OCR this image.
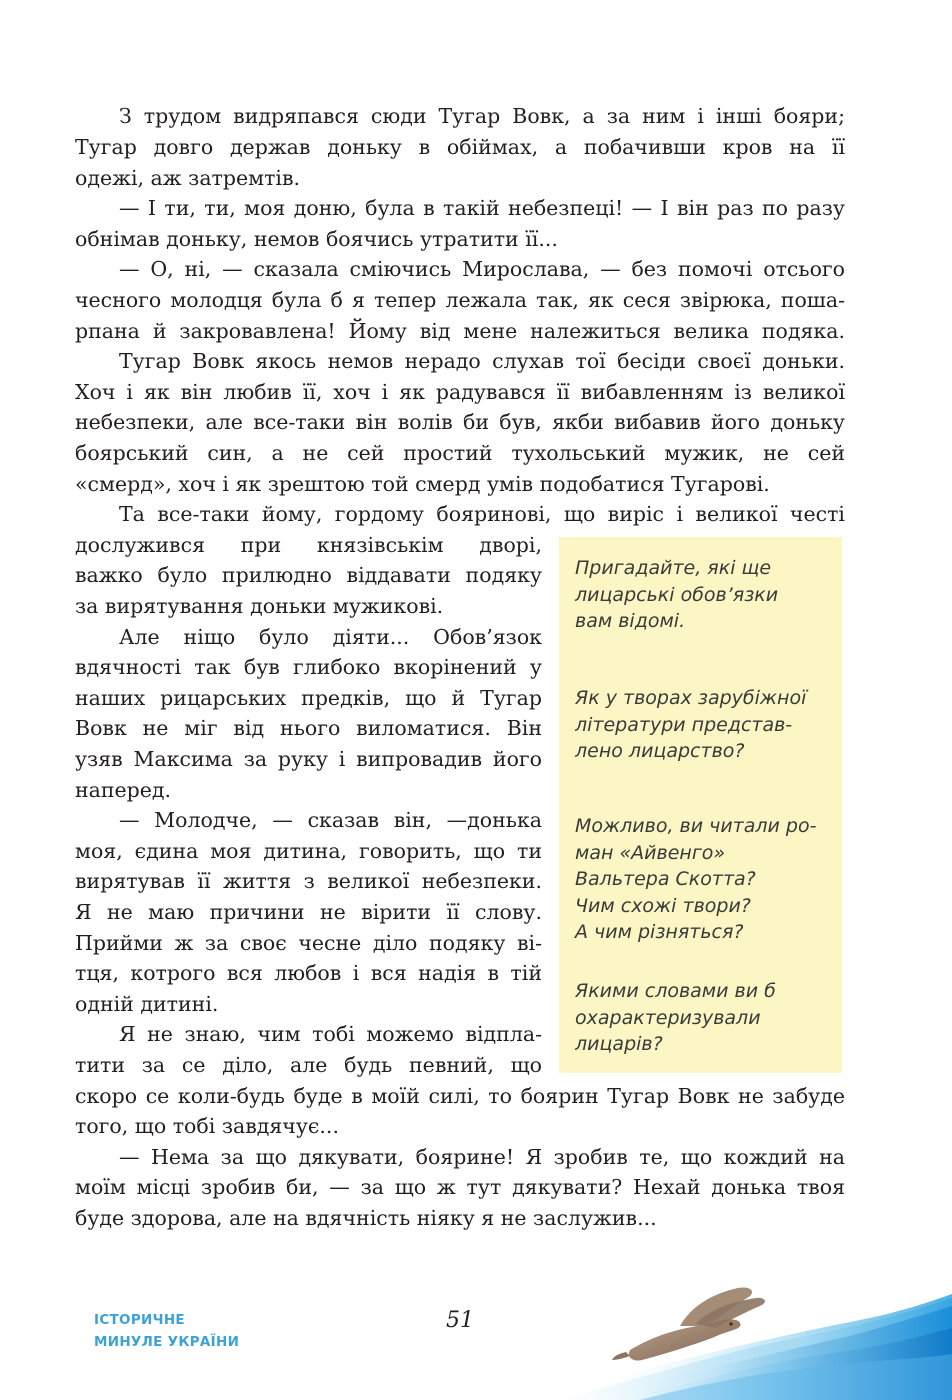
З трудом видряпався сюди Тугар Вовк, а за ним і інші бояри;
Тугар довго держав доньку в обіймах, а побачивши кров на її
одежі, аж затремтів.
— І ти, ти, моя доню, була в такій небезпеці! — І він раз по разу
обнімав доньку, немов боячись утратити її...
— О, ні, — сказала сміючись Мирослава, — без помочі отсього
чесного молодця була б я тепер лежала так, як сеся звірюка, поша-
рпана й закровавлена! Йому від мене належиться велика подяка.
Тугар Вовк якось немов нерадо слухав тої бесіди своєї доньки.
Хоч і як він любив її, хоч і як радувався її вибавленням із великої
небезпеки, але все-таки він волів би був, якби вибавив його доньку
боярський син, а не сей простий тухольський мужик, не сей
«смерд», хоч і як зрештою той смерд умів подобатися Тугарові.
Та все-таки йому, гордому бояринові, що виріс і великої честі
дослужився при князівськім дворі,
важко було прилюдно віддавати подяку
за вирятування доньки мужикові.
Але ніщо було діяти... Обов’язок
вдячності так був глибоко вкорінений у
наших рицарських предків, що й Тугар
Вовк не міг від нього виломатися. Він
узяв Максима за руку і випровадив його
наперед.
— Молодче, — сказав він, —донька
моя, єдина моя дитина, говорить, що ти
вирятував її життя з великої небезпеки.
Я не маю причини не вірити її слову.
Прийми ж за своє чесне діло подяку ві-
тця, котрого вся любов і вся надія в тій
одній дитині.
Я не знаю, чим тобі можемо відпла-
тити за се діло, але будь певний, що
скоро се коли-будь буде в моїй силі, то боярин Тугар Вовк не забуде
того, що тобі завдячує...
— Нема за що дякувати, боярине! Я зробив те, що кождий на
моїм місці зробив би, — за що ж тут дякувати? Нехай донька твоя
буде здорова, але на вдячність ніяку я не заслужив...
Пригадайте, які ще
лицарські обов’язки
вам відомі.
Як у творах зарубіжної
літератури представ-
лено лицарство?
Можливо, ви читали ро-
ман «Айвенго»
Вальтера Скотта?
Чим схожі твори?
А чим різняться?
Якими словами ви б
охарактеризували
лицарів?
ІСТОРИЧНЕ
МИНУЛЕ УКРАЇНИ
51
